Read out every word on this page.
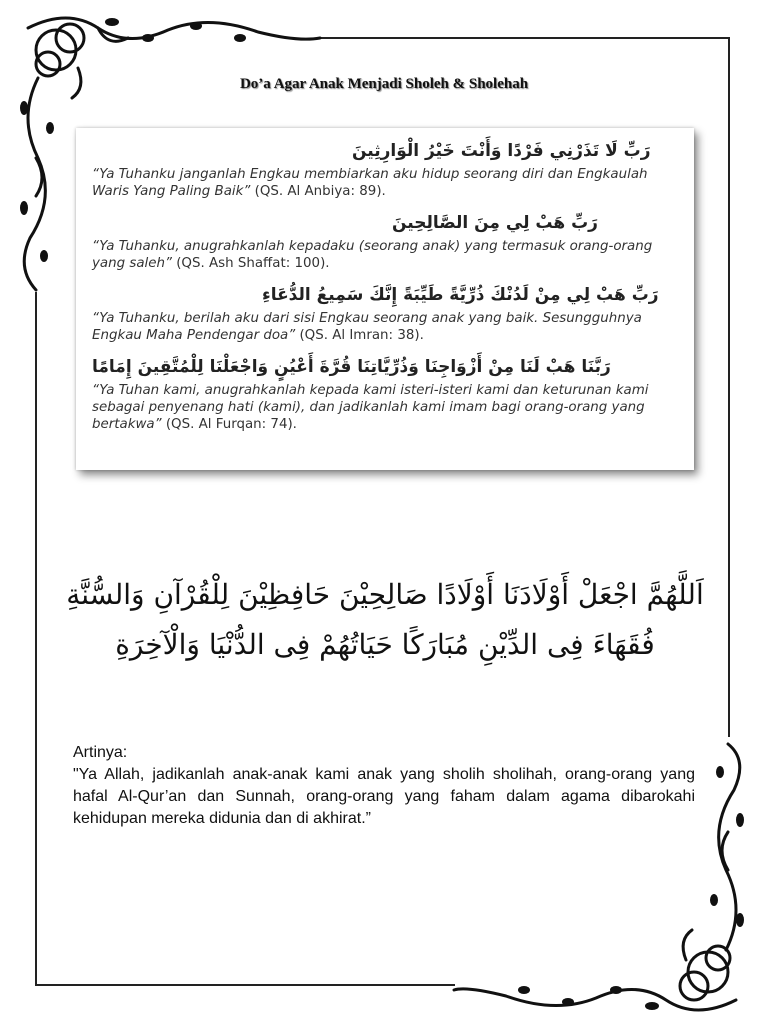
Do’a Agar Anak Menjadi Sholeh & Sholehah
رَبِّ لَا تَذَرْنِي فَرْدًا وَأَنْتَ خَيْرُ الْوَارِثِينَ
“Ya Tuhanku janganlah Engkau membiarkan aku hidup seorang diri dan Engkaulah Waris Yang Paling Baik” (QS. Al Anbiya: 89).
رَبِّ هَبْ لِي مِنَ الصَّالِحِينَ
“Ya Tuhanku, anugrahkanlah kepadaku (seorang anak) yang termasuk orang-orang yang saleh” (QS. Ash Shaffat: 100).
رَبِّ هَبْ لِي مِنْ لَدُنْكَ ذُرِّيَّةً طَيِّبَةً إِنَّكَ سَمِيعُ الدُّعَاءِ
“Ya Tuhanku, berilah aku dari sisi Engkau seorang anak yang baik. Sesungguhnya Engkau Maha Pendengar doa” (QS. Al Imran: 38).
رَبَّنَا هَبْ لَنَا مِنْ أَزْوَاجِنَا وَذُرِّيَّاتِنَا قُرَّةَ أَعْيُنٍ وَاجْعَلْنَا لِلْمُتَّقِينَ إِمَامًا
“Ya Tuhan kami, anugrahkanlah kepada kami isteri-isteri kami dan keturunan kami sebagai penyenang hati (kami), dan jadikanlah kami imam bagi orang-orang yang bertakwa” (QS. Al Furqan: 74).
اَللَّهُمَّ اجْعَلْ أَوْلَادَنَا أَوْلَادًا صَالِحِيْنَ حَافِظِيْنَ لِلْقُرْآنِ وَالسُّنَّةِ فُقَهَاءَ فِى الدِّيْنِ مُبَارَكًا حَيَاتُهُمْ فِى الدُّنْيَا وَالْآخِرَةِ
Artinya:
"Ya Allah, jadikanlah anak-anak kami anak yang sholih sholihah, orang-orang yang hafal Al-Qur’an dan Sunnah, orang-orang yang faham dalam agama dibarokahi kehidupan mereka didunia dan di akhirat.”
